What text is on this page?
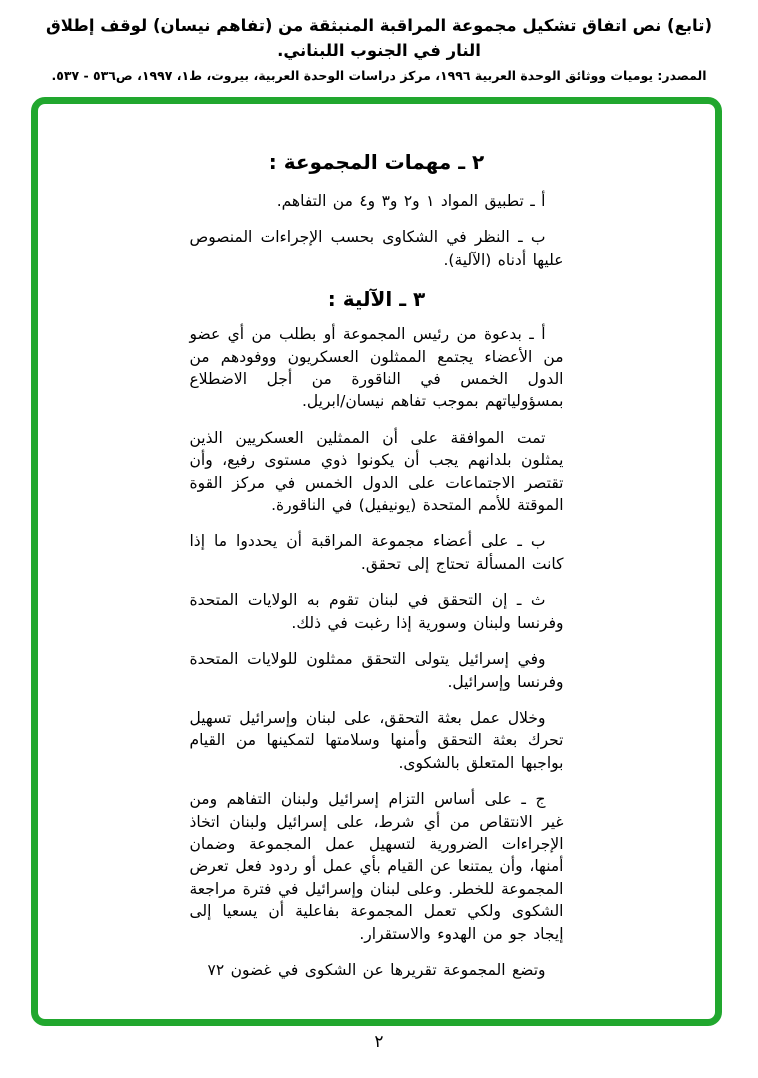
(تابع) نص اتفاق تشكيل مجموعة المراقبة المنبثقة من (تفاهم نيسان) لوقف إطلاق النار في الجنوب اللبناني.
المصدر: يوميات ووثائق الوحدة العربية ١٩٩٦، مركز دراسات الوحدة العربية، بيروت، ط١، ١٩٩٧، ص٥٣٦ - ٥٣٧.
٢ ـ مهمات المجموعة :

أ ـ تطبيق المواد ١ و٢ و٣ و٤ من التفاهم.

ب ـ النظر في الشكاوى بحسب الإجراءات المنصوص عليها أدناه (الآلية).

٣ ـ الآلية :

أ ـ بدعوة من رئيس المجموعة أو بطلب من أي عضو من الأعضاء يجتمع الممثلون العسكريون ووفودهم من الدول الخمس في الناقورة من أجل الاضطلاع بمسؤولياتهم بموجب تفاهم نيسان/ابريل.

تمت الموافقة على أن الممثلين العسكريين الذين يمثلون بلدانهم يجب أن يكونوا ذوي مستوى رفيع، وأن تقتصر الاجتماعات على الدول الخمس في مركز القوة الموقتة للأمم المتحدة (يونيفيل) في الناقورة.

ب ـ على أعضاء مجموعة المراقبة أن يحددوا ما إذا كانت المسألة تحتاج إلى تحقق.

ث ـ إن التحقق في لبنان تقوم به الولايات المتحدة وفرنسا ولبنان وسورية إذا رغبت في ذلك.

وفي إسرائيل يتولى التحقق ممثلون للولايات المتحدة وفرنسا وإسرائيل.

وخلال عمل بعثة التحقق، على لبنان وإسرائيل تسهيل تحرك بعثة التحقق وأمنها وسلامتها لتمكينها من القيام بواجبها المتعلق بالشكوى.

ج ـ على أساس التزام إسرائيل ولبنان التفاهم ومن غير الانتقاص من أي شرط، على إسرائيل ولبنان اتخاذ الإجراءات الضرورية لتسهيل عمل المجموعة وضمان أمنها، وأن يمتنعا عن القيام بأي عمل أو ردود فعل تعرض المجموعة للخطر. وعلى لبنان وإسرائيل في فترة مراجعة الشكوى ولكي تعمل المجموعة بفاعلية أن يسعيا إلى إيجاد جو من الهدوء والاستقرار.

وتضع المجموعة تقريرها عن الشكوى في غضون ٧٢

٢
